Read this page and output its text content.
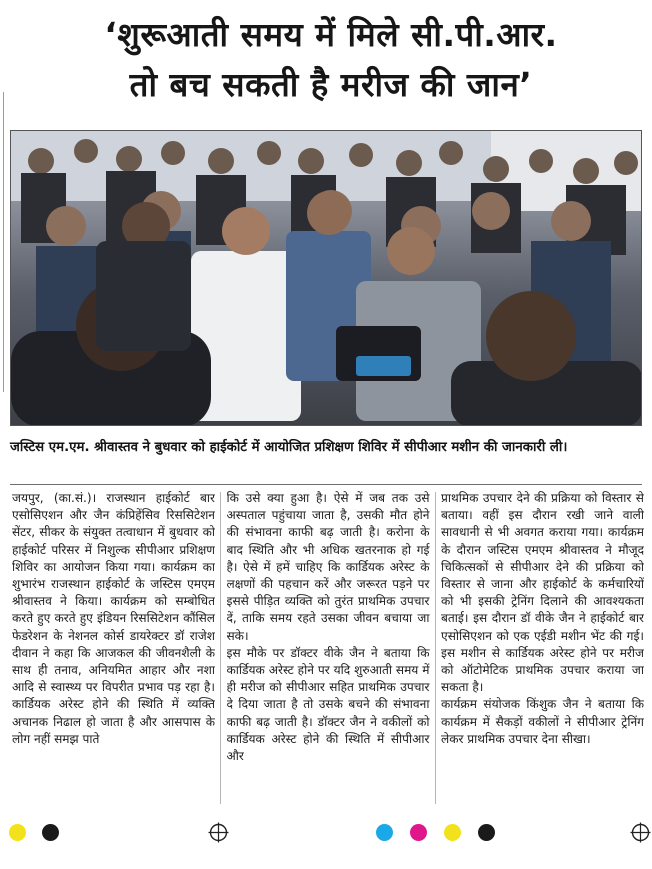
‘शुरूआती समय में मिले सी.पी.आर.
तो बच सकती है मरीज की जान’

जस्टिस एम.एम. श्रीवास्तव ने बुधवार को हाईकोर्ट में आयोजित प्रशिक्षण शिविर में सीपीआर मशीन की जानकारी ली।

जयपुर, (का.सं.)। राजस्थान हाईकोर्ट बार एसोसिएशन और जैन कंप्रिहेंसिव रिससिटेशन सेंटर, सीकर के संयुक्त तत्वाधान में बुधवार को हाईकोर्ट परिसर में निशुल्क सीपीआर प्रशिक्षण शिविर का आयोजन किया गया। कार्यक्रम का शुभारंभ राजस्थान हाईकोर्ट के जस्टिस एमएम श्रीवास्तव ने किया। कार्यक्रम को सम्बोधित करते हुए करते हुए इंडियन रिससिटेशन कौंसिल फेडरेशन के नेशनल कोर्स डायरेक्टर डॉ राजेश दीवान ने कहा कि आजकल की जीवनशैली के साथ ही तनाव, अनियमित आहार और नशा आदि से स्वास्थ्य पर विपरीत प्रभाव पड़ रहा है। कार्डियक अरेस्ट होने की स्थिति में व्यक्ति अचानक निढाल हो जाता है और आसपास के लोग नहीं समझ पाते
कि उसे क्या हुआ है। ऐसे में जब तक उसे अस्पताल पहुंचाया जाता है, उसकी मौत होने की संभावना काफी बढ़ जाती है। करोना के बाद स्थिति और भी अधिक खतरनाक हो गई है। ऐसे में हमें चाहिए कि कार्डियक अरेस्ट के लक्षणों की पहचान करें और जरूरत पड़ने पर इससे पीड़ित व्यक्ति को तुरंत प्राथमिक उपचार दें, ताकि समय रहते उसका जीवन बचाया जा सके।
इस मौके पर डॉक्टर वीके जैन ने बताया कि कार्डियक अरेस्ट होने पर यदि शुरुआती समय में ही मरीज को सीपीआर सहित प्राथमिक उपचार दे दिया जाता है तो उसके बचने की संभावना काफी बढ़ जाती है। डॉक्टर जैन ने वकीलों को कार्डियक अरेस्ट होने की स्थिति में सीपीआर और
प्राथमिक उपचार देने की प्रक्रिया को विस्तार से बताया। वहीं इस दौरान रखी जाने वाली सावधानी से भी अवगत कराया गया। कार्यक्रम के दौरान जस्टिस एमएम श्रीवास्तव ने मौजूद चिकित्सकों से सीपीआर देने की प्रक्रिया को विस्तार से जाना और हाईकोर्ट के कर्मचारियों को भी इसकी ट्रेनिंग दिलाने की आवश्यकता बताई। इस दौरान डॉ वीके जैन ने हाईकोर्ट बार एसोसिएशन को एक एईडी मशीन भेंट की गई। इस मशीन से कार्डियक अरेस्ट होने पर मरीज को ऑटोमेटिक प्राथमिक उपचार कराया जा सकता है।
कार्यक्रम संयोजक किंशुक जैन ने बताया कि कार्यक्रम में सैकड़ों वकीलों ने सीपीआर ट्रेनिंग लेकर प्राथमिक उपचार देना सीखा।
